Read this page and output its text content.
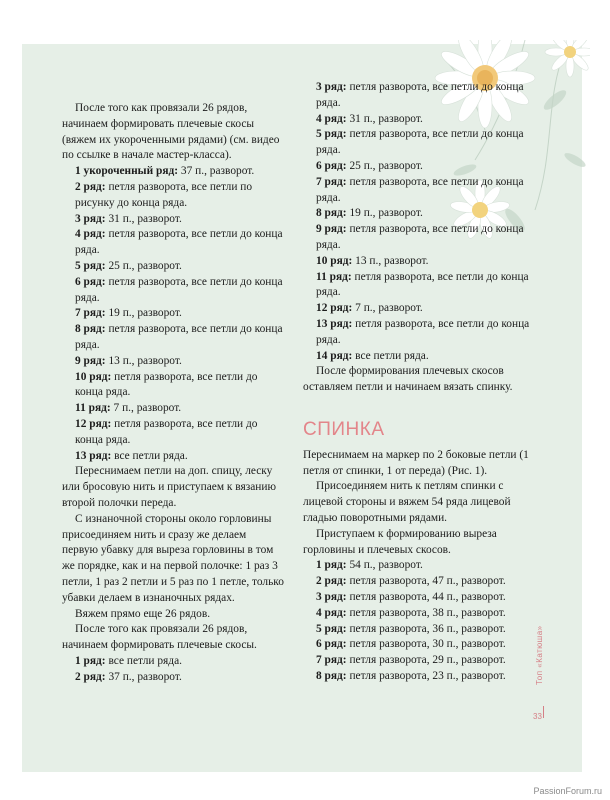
После того как провязали 26 рядов, начинаем формировать плечевые скосы (вяжем их укороченными рядами) (см. видео по ссылке в начале мастер-класса).

1 укороченный ряд: 37 п., разворот.

2 ряд: петля разворота, все петли по рисунку до конца ряда.

3 ряд: 31 п., разворот.

4 ряд: петля разворота, все петли до конца ряда.

5 ряд: 25 п., разворот.

6 ряд: петля разворота, все петли до конца ряда.

7 ряд: 19 п., разворот.

8 ряд: петля разворота, все петли до конца ряда.

9 ряд: 13 п., разворот.

10 ряд: петля разворота, все петли до конца ряда.

11 ряд: 7 п., разворот.

12 ряд: петля разворота, все петли до конца ряда.

13 ряд: все петли ряда.

Переснимаем петли на доп. спицу, леску или бросовую нить и приступаем к вязанию второй полочки переда.

С изнаночной стороны около горловины присоединяем нить и сразу же делаем первую убавку для выреза горловины в том же порядке, как и на первой полочке: 1 раз 3 петли, 1 раз 2 петли и 5 раз по 1 петле, только убавки делаем в изнаночных рядах.

Вяжем прямо еще 26 рядов.

После того как провязали 26 рядов, начинаем формировать плечевые скосы.

1 ряд: все петли ряда.

2 ряд: 37 п., разворот.

3 ряд: петля разворота, все петли до конца ряда.

4 ряд: 31 п., разворот.

5 ряд: петля разворота, все петли до конца ряда.

6 ряд: 25 п., разворот.

7 ряд: петля разворота, все петли до конца ряда.

8 ряд: 19 п., разворот.

9 ряд: петля разворота, все петли до конца ряда.

10 ряд: 13 п., разворот.

11 ряд: петля разворота, все петли до конца ряда.

12 ряд: 7 п., разворот.

13 ряд: петля разворота, все петли до конца ряда.

14 ряд: все петли ряда.

После формирования плечевых скосов оставляем петли и начинаем вязать спинку.

СПИНКА

Переснимаем на маркер по 2 боковые петли (1 петля от спинки, 1 от переда) (Рис. 1).

Присоединяем нить к петлям спинки с лицевой стороны и вяжем 54 ряда лицевой гладью поворотными рядами.

Приступаем к формированию выреза горловины и плечевых скосов.

1 ряд: 54 п., разворот.

2 ряд: петля разворота, 47 п., разворот.

3 ряд: петля разворота, 44 п., разворот.

4 ряд: петля разворота, 38 п., разворот.

5 ряд: петля разворота, 36 п., разворот.

6 ряд: петля разворота, 30 п., разворот.

7 ряд: петля разворота, 29 п., разворот.

8 ряд: петля разворота, 23 п., разворот.	Топ «Катюша»
33
PassionForum.ru
